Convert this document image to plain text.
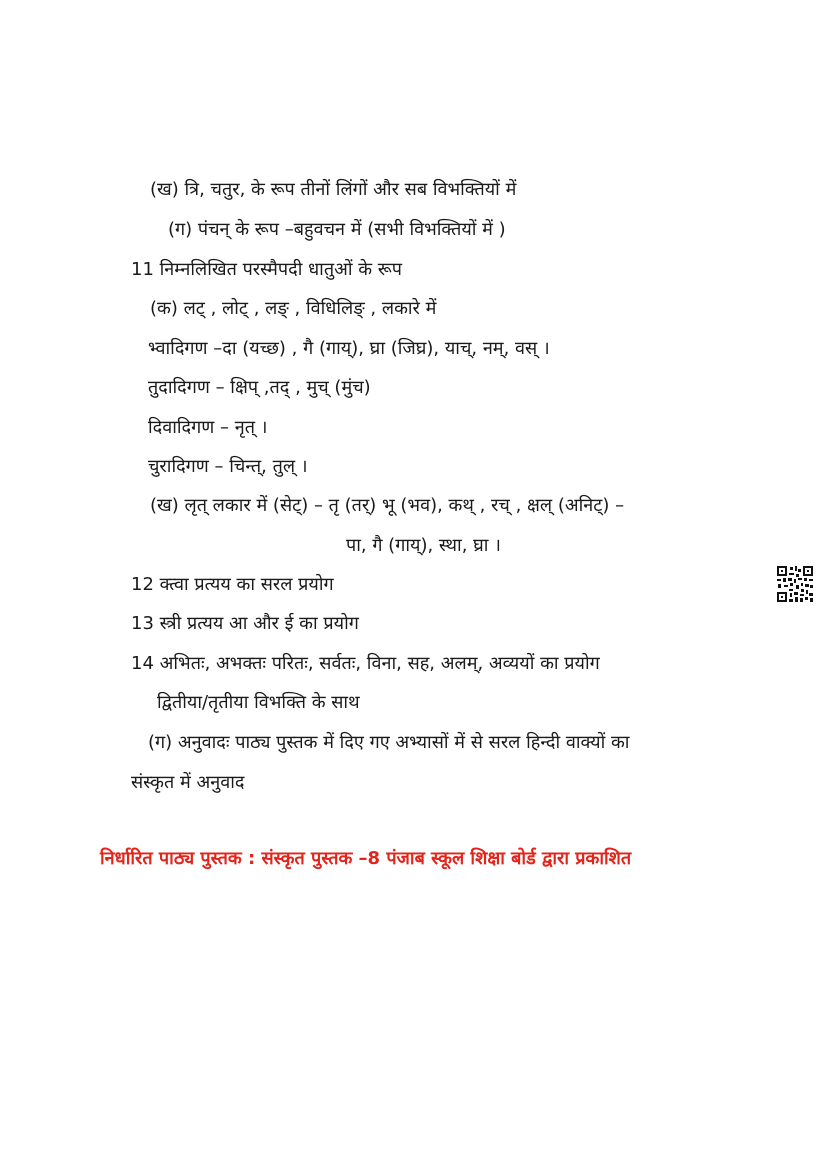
(ख) त्रि, चतुर, के रूप तीनों लिंगों और सब विभक्तियों में
(ग) पंचन् के रूप –बहुवचन में (सभी विभक्तियों में )
11 निम्नलिखित परस्मैपदी धातुओं के रूप
(क) लट् , लोट् , लङ् , विधिलिङ् , लकारे में
भ्वादिगण –दा (यच्छ) , गै (गाय्), घ्रा (जिघ्र), याच्, नम्, वस् ।
तुदादिगण – क्षिप् ,तद् , मुच् (मुंच)
दिवादिगण – नृत् ।
चुरादिगण – चिन्त्, तुल् ।
(ख) लृत् लकार में (सेट्) – तृ (तर्) भू (भव), कथ् , रच् , क्षल् (अनिट्) –
पा, गै (गाय्), स्था, घ्रा ।
12 क्त्वा प्रत्यय का सरल प्रयोग
13 स्त्री प्रत्यय आ और ई का प्रयोग
14 अभितः, अभक्तः परितः, सर्वतः, विना, सह, अलम्, अव्ययों का प्रयोग
द्वितीया/तृतीया विभक्ति के साथ
(ग) अनुवादः पाठ्य पुस्तक में दिए गए अभ्यासों में से सरल हिन्दी वाक्यों का
संस्कृत में अनुवाद
निर्धारित पाठ्य पुस्तक : संस्कृत पुस्तक –8 पंजाब स्कूल शिक्षा बोर्ड द्वारा प्रकाशित
